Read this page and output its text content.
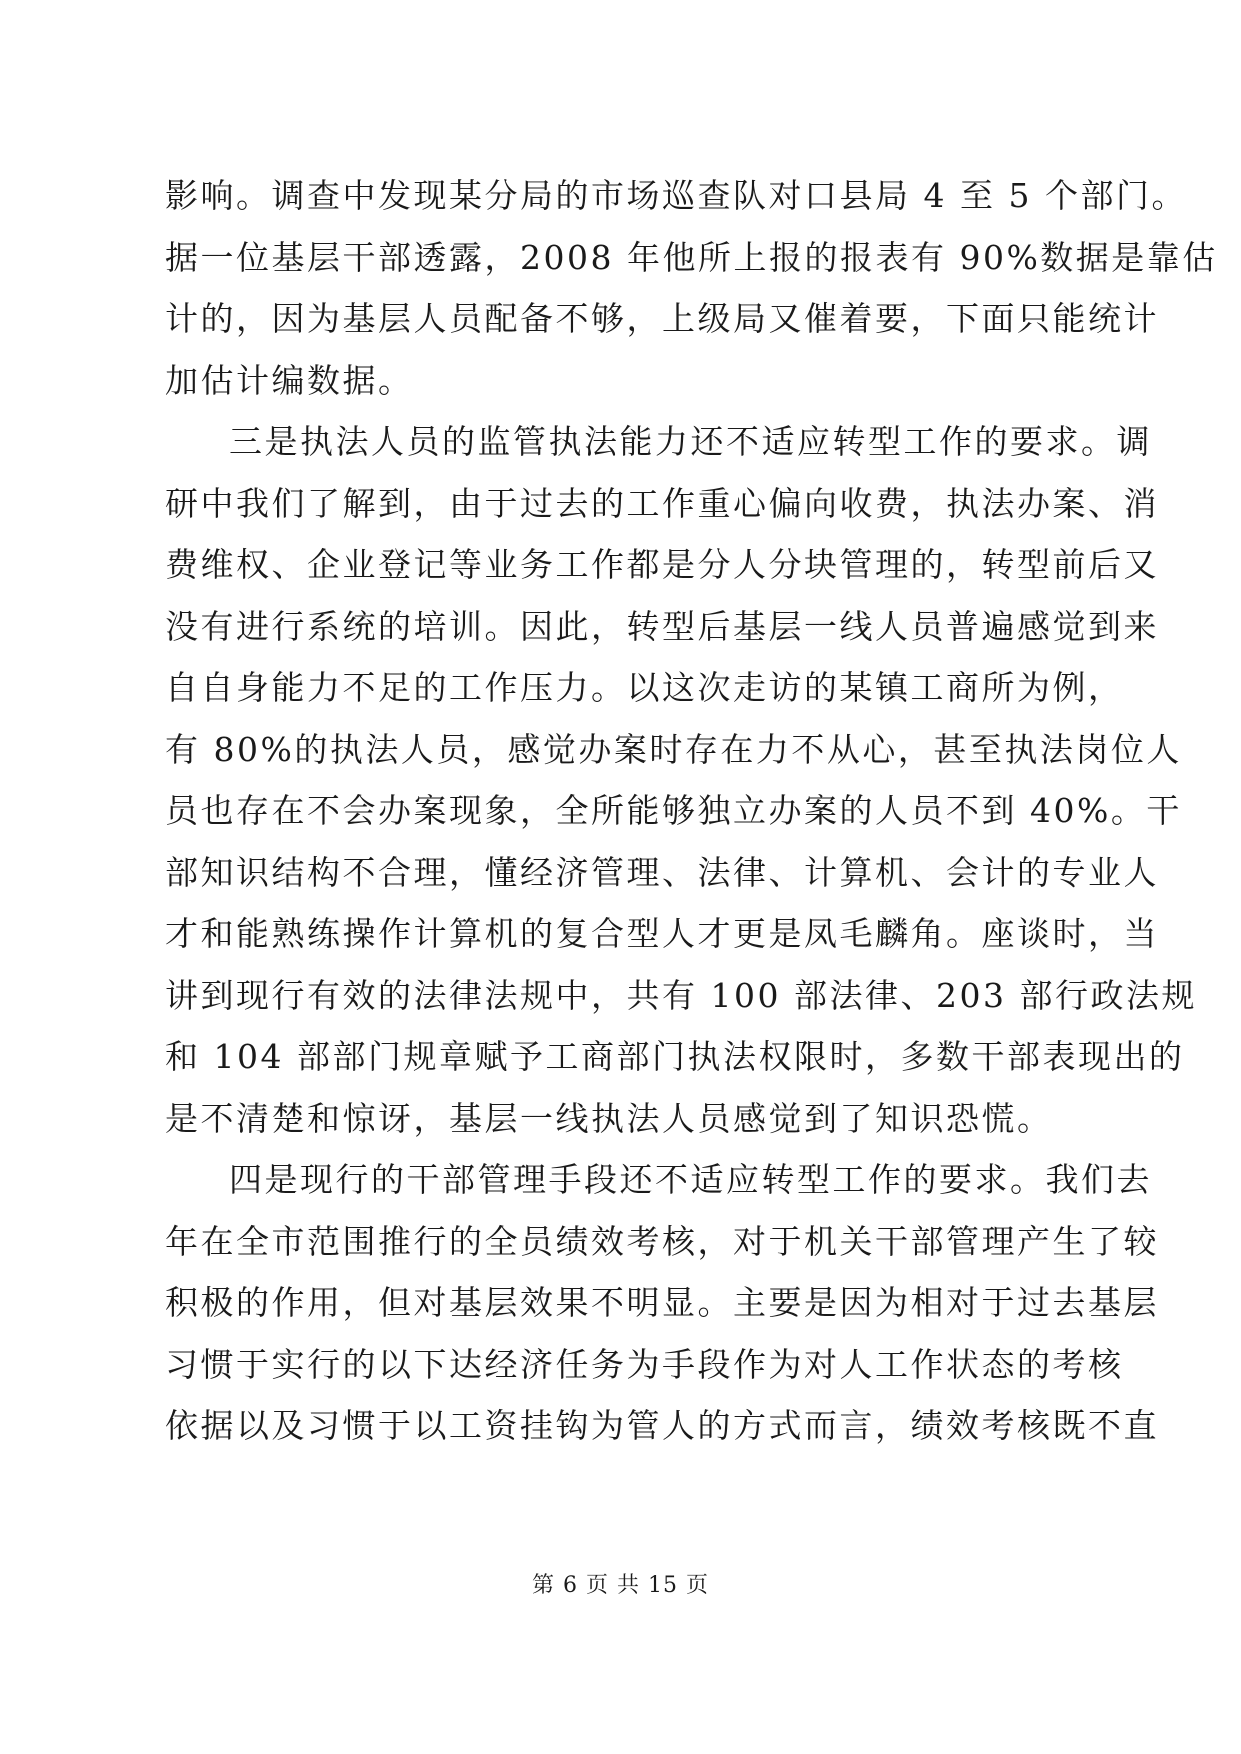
影响。调查中发现某分局的市场巡查队对口县局 4 至 5 个部门。
据一位基层干部透露，2008 年他所上报的报表有 90%数据是靠估
计的，因为基层人员配备不够，上级局又催着要，下面只能统计
加估计编数据。
三是执法人员的监管执法能力还不适应转型工作的要求。调
研中我们了解到，由于过去的工作重心偏向收费，执法办案、消
费维权、企业登记等业务工作都是分人分块管理的，转型前后又
没有进行系统的培训。因此，转型后基层一线人员普遍感觉到来
自自身能力不足的工作压力。以这次走访的某镇工商所为例，
有 80%的执法人员，感觉办案时存在力不从心，甚至执法岗位人
员也存在不会办案现象，全所能够独立办案的人员不到 40%。干
部知识结构不合理，懂经济管理、法律、计算机、会计的专业人
才和能熟练操作计算机的复合型人才更是凤毛麟角。座谈时，当
讲到现行有效的法律法规中，共有 100 部法律、203 部行政法规
和 104 部部门规章赋予工商部门执法权限时，多数干部表现出的
是不清楚和惊讶，基层一线执法人员感觉到了知识恐慌。
四是现行的干部管理手段还不适应转型工作的要求。我们去
年在全市范围推行的全员绩效考核，对于机关干部管理产生了较
积极的作用，但对基层效果不明显。主要是因为相对于过去基层
习惯于实行的以下达经济任务为手段作为对人工作状态的考核
依据以及习惯于以工资挂钩为管人的方式而言，绩效考核既不直
第 6 页 共 15 页
